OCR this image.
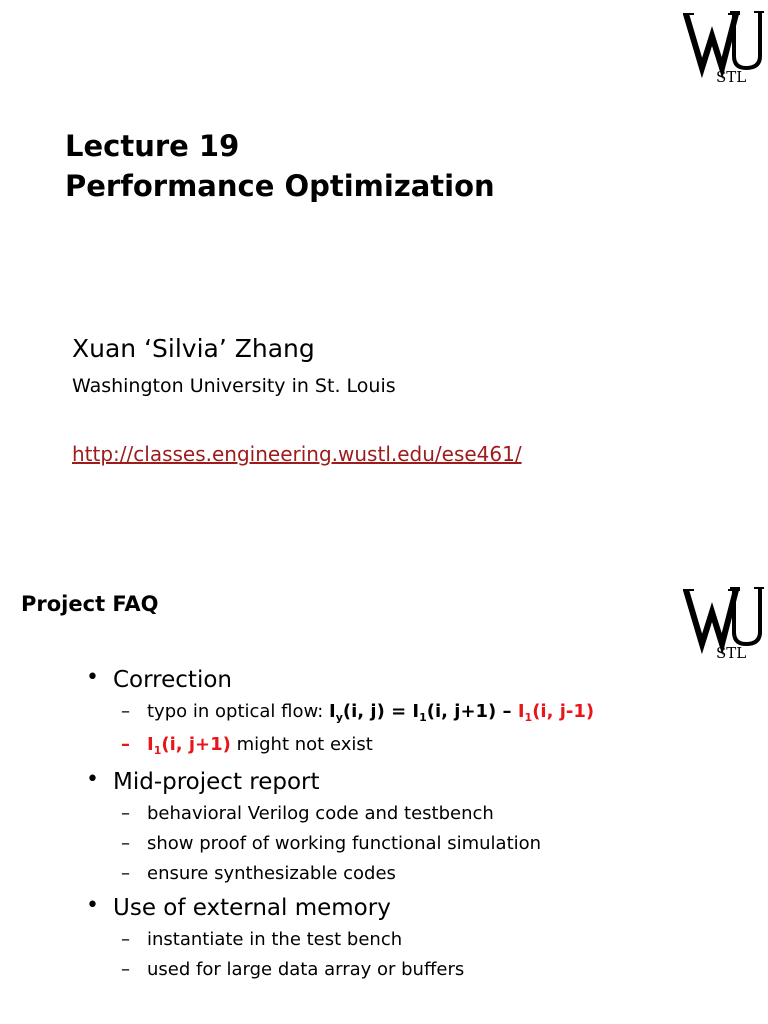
STL
Lecture 19
Performance Optimization
Xuan ‘Silvia’ Zhang
Washington University in St. Louis
http://classes.engineering.wustl.edu/ese461/
STL
Project FAQ
• Correction
– typo in optical flow: $I_y(i$, $j) = I_1(i$, $j+1) - I_1(i$, j-1)
– $I_1(i$, j+1) might not exist
• Mid-project report
– behavioral Verilog code and testbench
– show proof of working functional simulation
– ensure synthesizable codes
• Use of external memory
– instantiate in the test bench
– used for large data array or buffers
